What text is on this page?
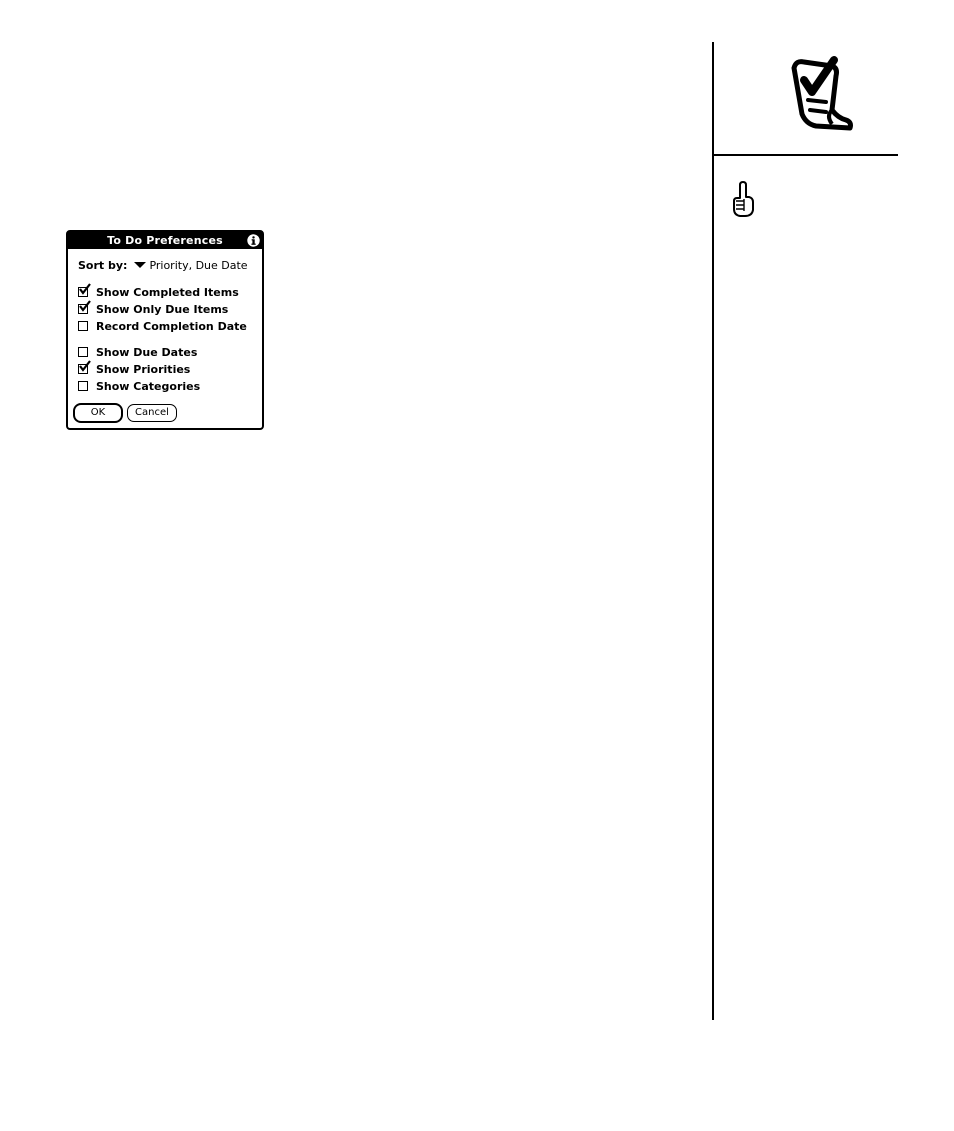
To Do Preferences
Sort by: Priority, Due Date
Show Completed Items
Show Only Due Items
Record Completion Date
Show Due Dates
Show Priorities
Show Categories
OK	Cancel
